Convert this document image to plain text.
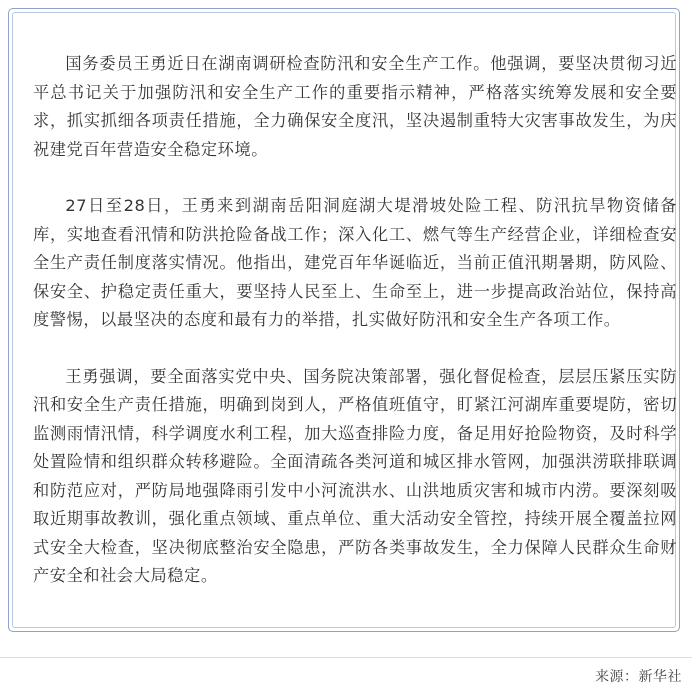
国务委员王勇近日在湖南调研检查防汛和安全生产工作。他强调，要坚决贯彻习近平总书记关于加强防汛和安全生产工作的重要指示精神，严格落实统筹发展和安全要求，抓实抓细各项责任措施，全力确保安全度汛，坚决遏制重特大灾害事故发生，为庆祝建党百年营造安全稳定环境。

27日至28日，王勇来到湖南岳阳洞庭湖大堤滑坡处险工程、防汛抗旱物资储备库，实地查看汛情和防洪抢险备战工作；深入化工、燃气等生产经营企业，详细检查安全生产责任制度落实情况。他指出，建党百年华诞临近，当前正值汛期暑期，防风险、保安全、护稳定责任重大，要坚持人民至上、生命至上，进一步提高政治站位，保持高度警惕，以最坚决的态度和最有力的举措，扎实做好防汛和安全生产各项工作。

王勇强调，要全面落实党中央、国务院决策部署，强化督促检查，层层压紧压实防汛和安全生产责任措施，明确到岗到人，严格值班值守，盯紧江河湖库重要堤防，密切监测雨情汛情，科学调度水利工程，加大巡查排险力度，备足用好抢险物资，及时科学处置险情和组织群众转移避险。全面清疏各类河道和城区排水管网，加强洪涝联排联调和防范应对，严防局地强降雨引发中小河流洪水、山洪地质灾害和城市内涝。要深刻吸取近期事故教训，强化重点领域、重点单位、重大活动安全管控，持续开展全覆盖拉网式安全大检查，坚决彻底整治安全隐患，严防各类事故发生，全力保障人民群众生命财产安全和社会大局稳定。

来源：新华社
